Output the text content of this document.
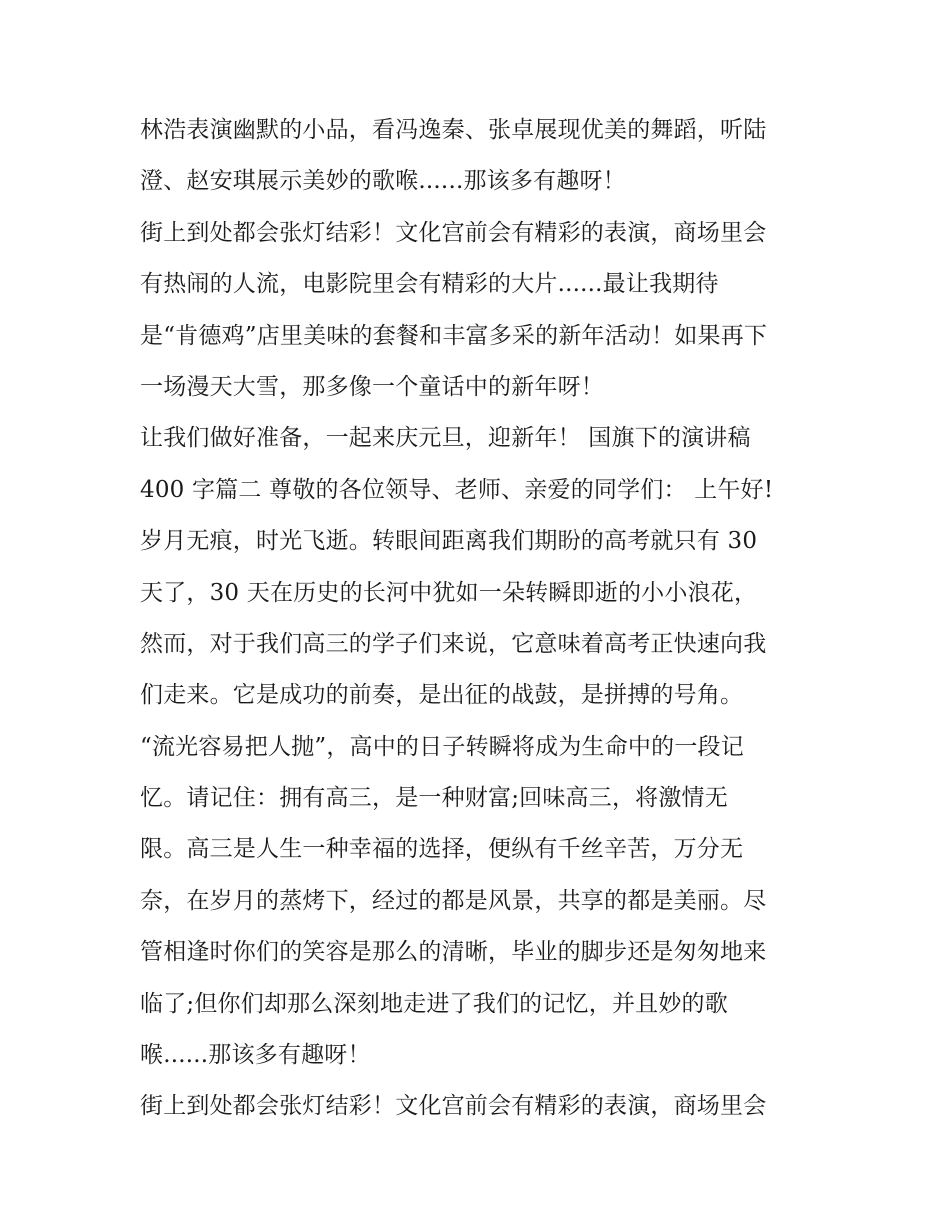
林浩表演幽默的小品，看冯逸秦、张卓展现优美的舞蹈，听陆
澄、赵安琪展示美妙的歌喉......那该多有趣呀！
街上到处都会张灯结彩！文化宫前会有精彩的表演，商场里会
有热闹的人流，电影院里会有精彩的大片......最让我期待
是“肯德鸡”店里美味的套餐和丰富多采的新年活动！如果再下
一场漫天大雪，那多像一个童话中的新年呀！
让我们做好准备，一起来庆元旦，迎新年！ 国旗下的演讲稿
400 字篇二 尊敬的各位领导、老师、亲爱的同学们： 上午好!
岁月无痕，时光飞逝。转眼间距离我们期盼的高考就只有 30
天了，30 天在历史的长河中犹如一朵转瞬即逝的小小浪花，
然而，对于我们高三的学子们来说，它意味着高考正快速向我
们走来。它是成功的前奏，是出征的战鼓，是拼搏的号角。
“流光容易把人抛”，高中的日子转瞬将成为生命中的一段记
忆。请记住：拥有高三，是一种财富;回味高三，将激情无
限。高三是人生一种幸福的选择，便纵有千丝辛苦，万分无
奈，在岁月的蒸烤下，经过的都是风景，共享的都是美丽。尽
管相逢时你们的笑容是那么的清晰，毕业的脚步还是匆匆地来
临了;但你们却那么深刻地走进了我们的记忆，并且妙的歌
喉......那该多有趣呀！
街上到处都会张灯结彩！文化宫前会有精彩的表演，商场里会
